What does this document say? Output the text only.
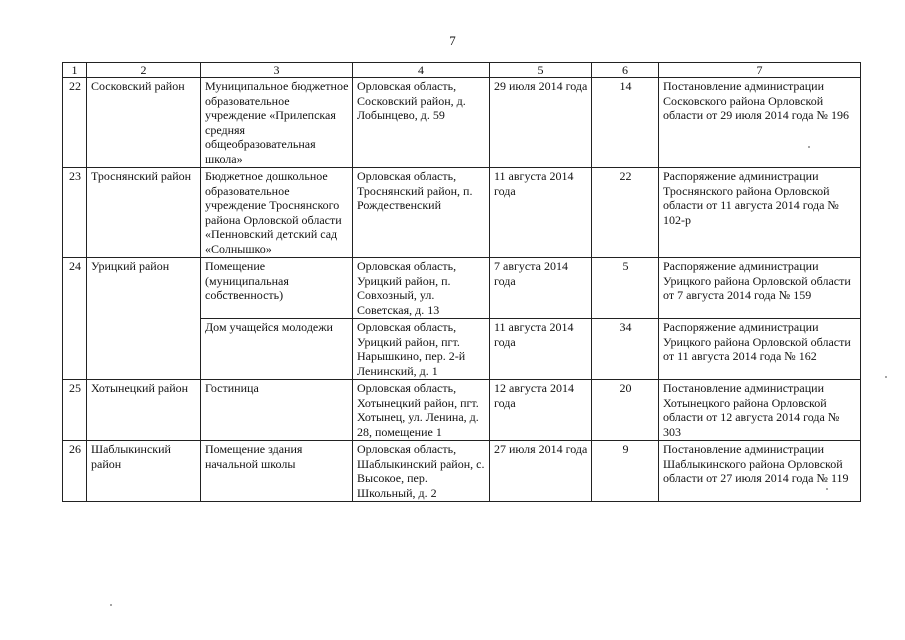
7
1	2	3	4	5	6	7
22	Сосковский район	Муниципальное бюджетное образовательное учреждение «Прилепская средняя общеобразовательная школа»	Орловская область, Сосковский район, д. Лобынцево, д. 59	29 июля 2014 года	14	Постановление администрации Сосковского района Орловской области от 29 июля 2014 года № 196
23	Троснянский район	Бюджетное дошкольное образовательное учреждение Троснянского района Орловской области «Пенновский детский сад «Солнышко»	Орловская область, Троснянский район, п. Рождественский	11 августа 2014 года	22	Распоряжение администрации Троснянского района Орловской области от 11 августа 2014 года № 102-р
24	Урицкий район	Помещение (муниципальная собственность)	Орловская область, Урицкий район, п. Совхозный, ул. Советская, д. 13	7 августа 2014 года	5	Распоряжение администрации Урицкого района Орловской области от 7 августа 2014 года № 159
		Дом учащейся молодежи	Орловская область, Урицкий район, пгт. Нарышкино, пер. 2-й Ленинский, д. 1	11 августа 2014 года	34	Распоряжение администрации Урицкого района Орловской области от 11 августа 2014 года № 162
25	Хотынецкий район	Гостиница	Орловская область, Хотынецкий район, пгт. Хотынец, ул. Ленина, д. 28, помещение 1	12 августа 2014 года	20	Постановление администрации Хотынецкого района Орловской области от 12 августа 2014 года № 303
26	Шаблыкинский район	Помещение здания начальной школы	Орловская область, Шаблыкинский район, с. Высокое, пер. Школьный, д. 2	27 июля 2014 года	9	Постановление администрации Шаблыкинского района Орловской области от 27 июля 2014 года № 119
